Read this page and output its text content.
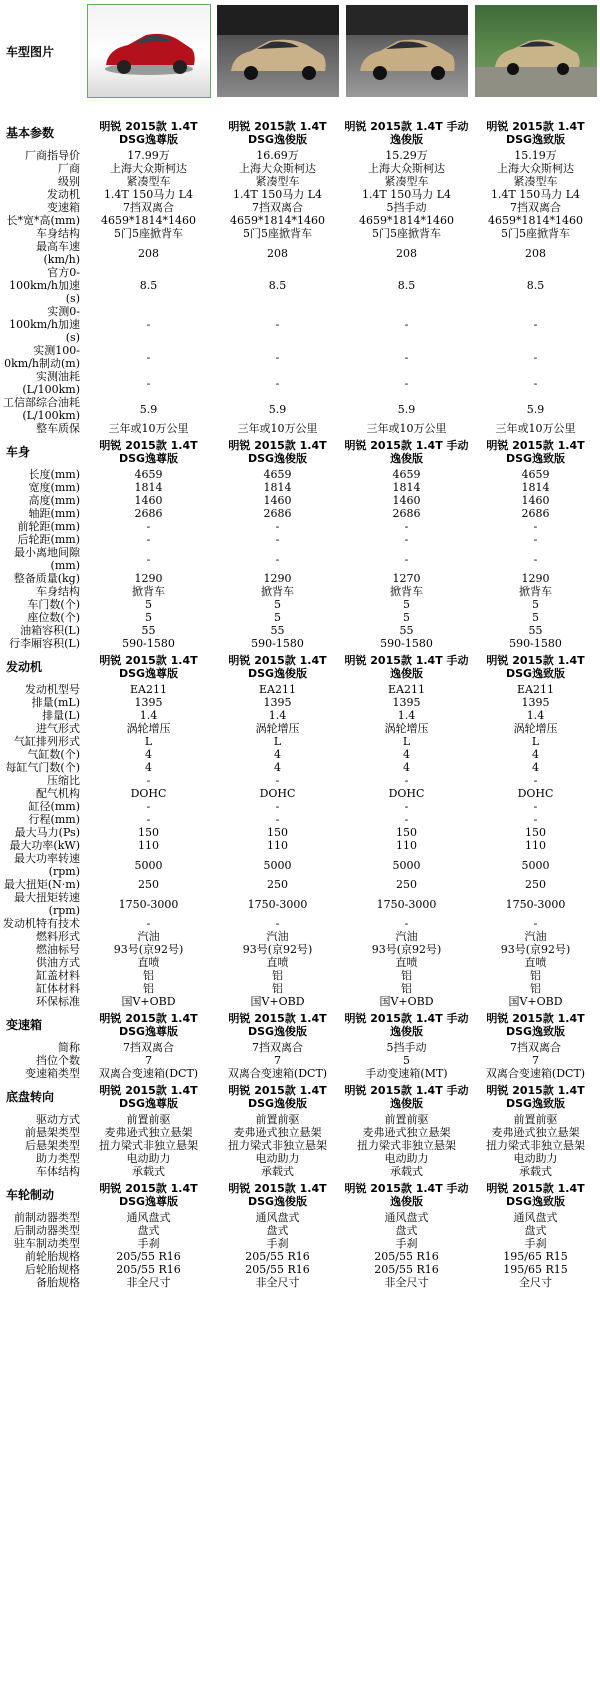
车型图片	

基本参数	明锐 2015款 1.4T DSG逸尊版	明锐 2015款 1.4T DSG逸俊版	明锐 2015款 1.4T 手动逸俊版	明锐 2015款 1.4T DSG逸致版
厂商指导价	17.99万	16.69万	15.29万	15.19万
厂商	上海大众斯柯达	上海大众斯柯达	上海大众斯柯达	上海大众斯柯达
级别	紧凑型车	紧凑型车	紧凑型车	紧凑型车
发动机	1.4T 150马力 L4	1.4T 150马力 L4	1.4T 150马力 L4	1.4T 150马力 L4
变速箱	7挡双离合	7挡双离合	5挡手动	7挡双离合
长*宽*高(mm)	4659*1814*1460	4659*1814*1460	4659*1814*1460	4659*1814*1460
车身结构	5门5座掀背车	5门5座掀背车	5门5座掀背车	5门5座掀背车
最高车速(km/h)	208	208	208	208
官方0-100km/h加速(s)	8.5	8.5	8.5	8.5
实测0-100km/h加速(s)	-	-	-	-
实测100-0km/h制动(m)	-	-	-	-
实测油耗(L/100km)	-	-	-	-
工信部综合油耗(L/100km)	5.9	5.9	5.9	5.9
整车质保	三年或10万公里	三年或10万公里	三年或10万公里	三年或10万公里
车身	明锐 2015款 1.4T DSG逸尊版	明锐 2015款 1.4T DSG逸俊版	明锐 2015款 1.4T 手动逸俊版	明锐 2015款 1.4T DSG逸致版
长度(mm)	4659	4659	4659	4659
宽度(mm)	1814	1814	1814	1814
高度(mm)	1460	1460	1460	1460
轴距(mm)	2686	2686	2686	2686
前轮距(mm)	-	-	-	-
后轮距(mm)	-	-	-	-
最小离地间隙(mm)	-	-	-	-
整备质量(kg)	1290	1290	1270	1290
车身结构	掀背车	掀背车	掀背车	掀背车
车门数(个)	5	5	5	5
座位数(个)	5	5	5	5
油箱容积(L)	55	55	55	55
行李厢容积(L)	590-1580	590-1580	590-1580	590-1580
发动机	明锐 2015款 1.4T DSG逸尊版	明锐 2015款 1.4T DSG逸俊版	明锐 2015款 1.4T 手动逸俊版	明锐 2015款 1.4T DSG逸致版
发动机型号	EA211	EA211	EA211	EA211
排量(mL)	1395	1395	1395	1395
排量(L)	1.4	1.4	1.4	1.4
进气形式	涡轮增压	涡轮增压	涡轮增压	涡轮增压
气缸排列形式	L	L	L	L
气缸数(个)	4	4	4	4
每缸气门数(个)	4	4	4	4
压缩比	-	-	-	-
配气机构	DOHC	DOHC	DOHC	DOHC
缸径(mm)	-	-	-	-
行程(mm)	-	-	-	-
最大马力(Ps)	150	150	150	150
最大功率(kW)	110	110	110	110
最大功率转速(rpm)	5000	5000	5000	5000
最大扭矩(N·m)	250	250	250	250
最大扭矩转速(rpm)	1750-3000	1750-3000	1750-3000	1750-3000
发动机特有技术	-	-	-	-
燃料形式	汽油	汽油	汽油	汽油
燃油标号	93号(京92号)	93号(京92号)	93号(京92号)	93号(京92号)
供油方式	直喷	直喷	直喷	直喷
缸盖材料	铝	铝	铝	铝
缸体材料	铝	铝	铝	铝
环保标准	国V+OBD	国V+OBD	国V+OBD	国V+OBD
变速箱	明锐 2015款 1.4T DSG逸尊版	明锐 2015款 1.4T DSG逸俊版	明锐 2015款 1.4T 手动逸俊版	明锐 2015款 1.4T DSG逸致版
简称	7挡双离合	7挡双离合	5挡手动	7挡双离合
挡位个数	7	7	5	7
变速箱类型	双离合变速箱(DCT)	双离合变速箱(DCT)	手动变速箱(MT)	双离合变速箱(DCT)
底盘转向	明锐 2015款 1.4T DSG逸尊版	明锐 2015款 1.4T DSG逸俊版	明锐 2015款 1.4T 手动逸俊版	明锐 2015款 1.4T DSG逸致版
驱动方式	前置前驱	前置前驱	前置前驱	前置前驱
前悬架类型	麦弗逊式独立悬架	麦弗逊式独立悬架	麦弗逊式独立悬架	麦弗逊式独立悬架
后悬架类型	扭力梁式非独立悬架	扭力梁式非独立悬架	扭力梁式非独立悬架	扭力梁式非独立悬架
助力类型	电动助力	电动助力	电动助力	电动助力
车体结构	承载式	承载式	承载式	承载式
车轮制动	明锐 2015款 1.4T DSG逸尊版	明锐 2015款 1.4T DSG逸俊版	明锐 2015款 1.4T 手动逸俊版	明锐 2015款 1.4T DSG逸致版
前制动器类型	通风盘式	通风盘式	通风盘式	通风盘式
后制动器类型	盘式	盘式	盘式	盘式
驻车制动类型	手刹	手刹	手刹	手刹
前轮胎规格	205/55 R16	205/55 R16	205/55 R16	195/65 R15
后轮胎规格	205/55 R16	205/55 R16	205/55 R16	195/65 R15
备胎规格	非全尺寸	非全尺寸	非全尺寸	全尺寸
